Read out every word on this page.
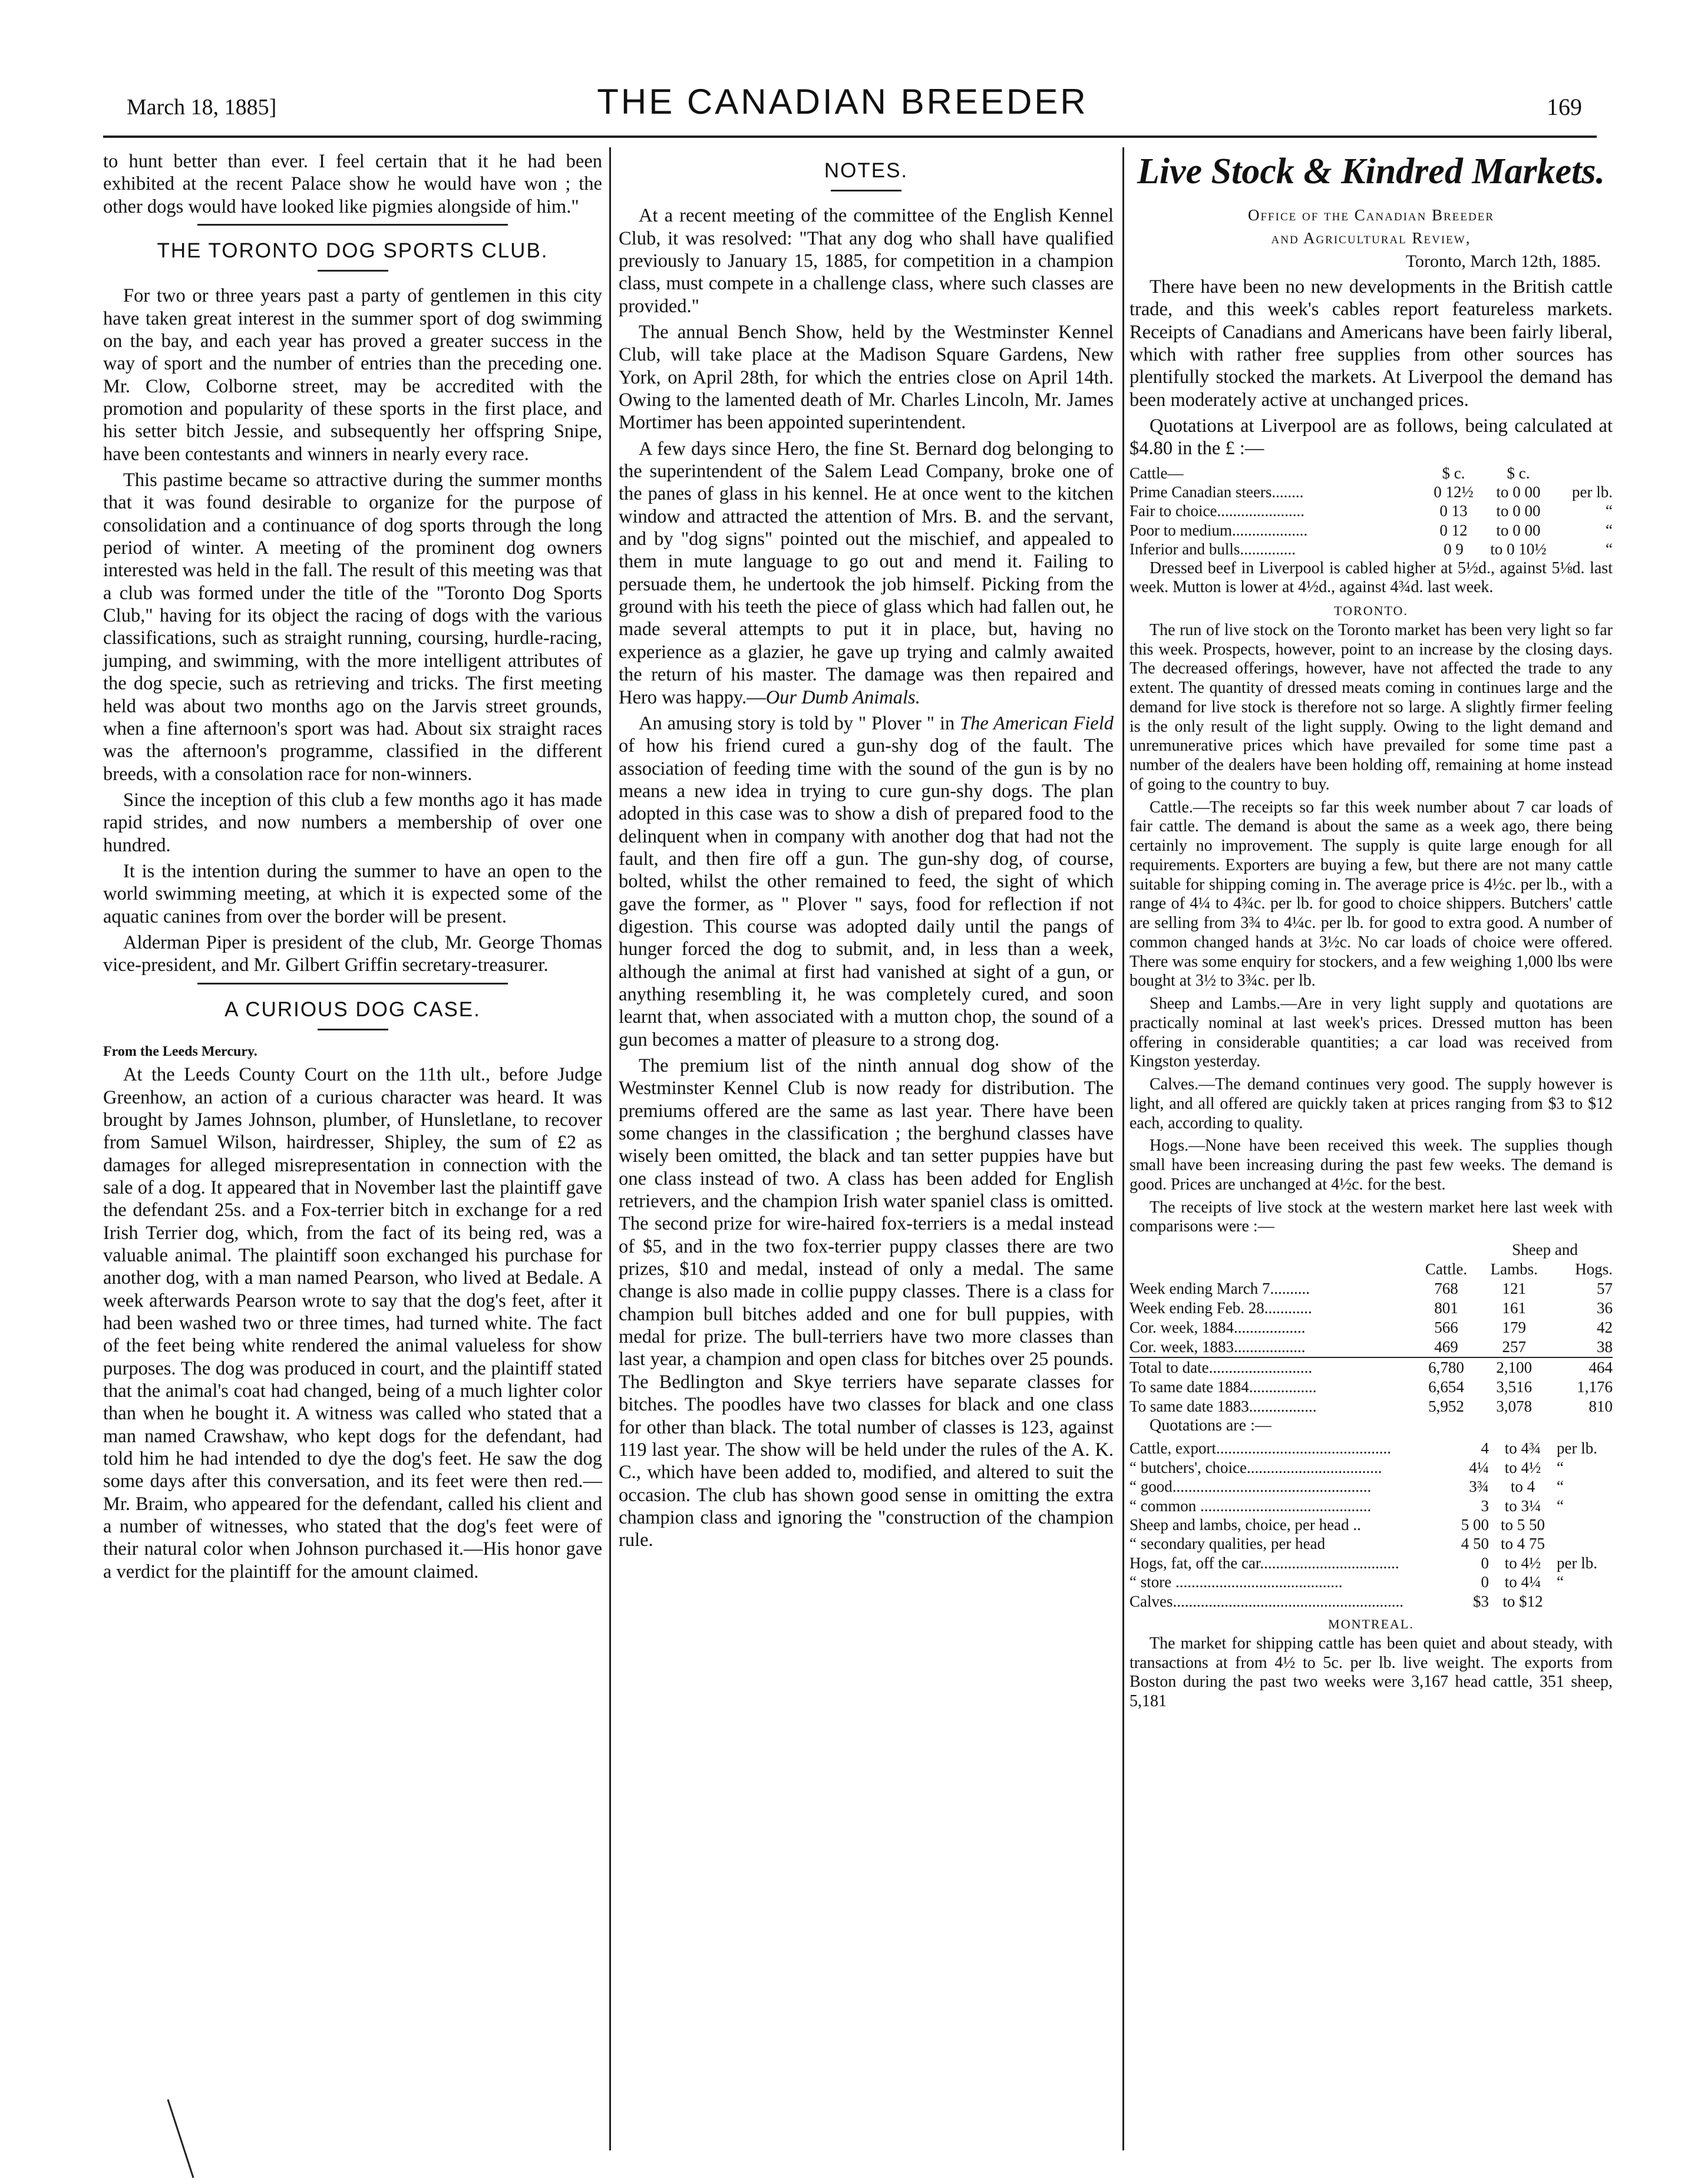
March 18, 1885]	THE CANADIAN BREEDER	169

to hunt better than ever. I feel certain that it he had been exhibited at the recent Palace show he would have won ; the other dogs would have looked like pigmies alongside of him."

THE TORONTO DOG SPORTS CLUB.

For two or three years past a party of gentlemen in this city have taken great interest in the summer sport of dog swimming on the bay, and each year has proved a greater success in the way of sport and the number of entries than the preceding one. Mr. Clow, Colborne street, may be accredited with the promotion and popularity of these sports in the first place, and his setter bitch Jessie, and subsequently her offspring Snipe, have been contestants and winners in nearly every race.

This pastime became so attractive during the summer months that it was found desirable to organize for the purpose of consolidation and a continuance of dog sports through the long period of winter. A meeting of the prominent dog owners interested was held in the fall. The result of this meeting was that a club was formed under the title of the "Toronto Dog Sports Club," having for its object the racing of dogs with the various classifications, such as straight running, coursing, hurdle-racing, jumping, and swimming, with the more intelligent attributes of the dog specie, such as retrieving and tricks. The first meeting held was about two months ago on the Jarvis street grounds, when a fine afternoon's sport was had. About six straight races was the afternoon's programme, classified in the different breeds, with a consolation race for non-winners.

Since the inception of this club a few months ago it has made rapid strides, and now numbers a membership of over one hundred.

It is the intention during the summer to have an open to the world swimming meeting, at which it is expected some of the aquatic canines from over the border will be present.

Alderman Piper is president of the club, Mr. George Thomas vice-president, and Mr. Gilbert Griffin secretary-treasurer.

A CURIOUS DOG CASE.
From the Leeds Mercury.

At the Leeds County Court on the 11th ult., before Judge Greenhow, an action of a curious character was heard. It was brought by James Johnson, plumber, of Hunsletlane, to recover from Samuel Wilson, hairdresser, Shipley, the sum of £2 as damages for alleged misrepresentation in connection with the sale of a dog. It appeared that in November last the plaintiff gave the defendant 25s. and a Fox-terrier bitch in exchange for a red Irish Terrier dog, which, from the fact of its being red, was a valuable animal. The plaintiff soon exchanged his purchase for another dog, with a man named Pearson, who lived at Bedale. A week afterwards Pearson wrote to say that the dog's feet, after it had been washed two or three times, had turned white. The fact of the feet being white rendered the animal valueless for show purposes. The dog was produced in court, and the plaintiff stated that the animal's coat had changed, being of a much lighter color than when he bought it. A witness was called who stated that a man named Crawshaw, who kept dogs for the defendant, had told him he had intended to dye the dog's feet. He saw the dog some days after this conversation, and its feet were then red.—Mr. Braim, who appeared for the defendant, called his client and a number of witnesses, who stated that the dog's feet were of their natural color when Johnson purchased it.—His honor gave a verdict for the plaintiff for the amount claimed.

NOTES.

At a recent meeting of the committee of the English Kennel Club, it was resolved: "That any dog who shall have qualified previously to January 15, 1885, for competition in a champion class, must compete in a challenge class, where such classes are provided."

The annual Bench Show, held by the Westminster Kennel Club, will take place at the Madison Square Gardens, New York, on April 28th, for which the entries close on April 14th. Owing to the lamented death of Mr. Charles Lincoln, Mr. James Mortimer has been appointed superintendent.

A few days since Hero, the fine St. Bernard dog belonging to the superintendent of the Salem Lead Company, broke one of the panes of glass in his kennel. He at once went to the kitchen window and attracted the attention of Mrs. B. and the servant, and by "dog signs" pointed out the mischief, and appealed to them in mute language to go out and mend it. Failing to persuade them, he undertook the job himself. Picking from the ground with his teeth the piece of glass which had fallen out, he made several attempts to put it in place, but, having no experience as a glazier, he gave up trying and calmly awaited the return of his master. The damage was then repaired and Hero was happy.—Our Dumb Animals.

An amusing story is told by " Plover " in The American Field of how his friend cured a gun-shy dog of the fault. The association of feeding time with the sound of the gun is by no means a new idea in trying to cure gun-shy dogs. The plan adopted in this case was to show a dish of prepared food to the delinquent when in company with another dog that had not the fault, and then fire off a gun. The gun-shy dog, of course, bolted, whilst the other remained to feed, the sight of which gave the former, as " Plover " says, food for reflection if not digestion. This course was adopted daily until the pangs of hunger forced the dog to submit, and, in less than a week, although the animal at first had vanished at sight of a gun, or anything resembling it, he was completely cured, and soon learnt that, when associated with a mutton chop, the sound of a gun becomes a matter of pleasure to a strong dog.

The premium list of the ninth annual dog show of the Westminster Kennel Club is now ready for distribution. The premiums offered are the same as last year. There have been some changes in the classification ; the berghund classes have wisely been omitted, the black and tan setter puppies have but one class instead of two. A class has been added for English retrievers, and the champion Irish water spaniel class is omitted. The second prize for wire-haired fox-terriers is a medal instead of $5, and in the two fox-terrier puppy classes there are two prizes, $10 and medal, instead of only a medal. The same change is also made in collie puppy classes. There is a class for champion bull bitches added and one for bull puppies, with medal for prize. The bull-terriers have two more classes than last year, a champion and open class for bitches over 25 pounds. The Bedlington and Skye terriers have separate classes for bitches. The poodles have two classes for black and one class for other than black. The total number of classes is 123, against 119 last year. The show will be held under the rules of the A. K. C., which have been added to, modified, and altered to suit the occasion. The club has shown good sense in omitting the extra champion class and ignoring the "construction of the champion rule.

Live Stock & Kindred Markets.
Office of the Canadian Breeder
and Agricultural Review,
Toronto, March 12th, 1885.

There have been no new developments in the British cattle trade, and this week's cables report featureless markets. Receipts of Canadians and Americans have been fairly liberal, which with rather free supplies from other sources has plentifully stocked the markets. At Liverpool the demand has been moderately active at unchanged prices.

Quotations at Liverpool are as follows, being calculated at $4.80 in the £ :—

Cattle—	$ c.	$ c.	
Prime Canadian steers........	0 12½	to 0 00	per lb.
Fair to choice......................	0 13	to 0 00	“
Poor to medium...................	0 12	to 0 00	“
Inferior and bulls..............	0 9	to 0 10½	“

Dressed beef in Liverpool is cabled higher at 5½d., against 5⅛d. last week. Mutton is lower at 4½d., against 4¾d. last week.

TORONTO.

The run of live stock on the Toronto market has been very light so far this week. Prospects, however, point to an increase by the closing days. The decreased offerings, however, have not affected the trade to any extent. The quantity of dressed meats coming in continues large and the demand for live stock is therefore not so large. A slightly firmer feeling is the only result of the light supply. Owing to the light demand and unremunerative prices which have prevailed for some time past a number of the dealers have been holding off, remaining at home instead of going to the country to buy.

Cattle.—The receipts so far this week number about 7 car loads of fair cattle. The demand is about the same as a week ago, there being certainly no improvement. The supply is quite large enough for all requirements. Exporters are buying a few, but there are not many cattle suitable for shipping coming in. The average price is 4½c. per lb., with a range of 4¼ to 4¾c. per lb. for good to choice shippers. Butchers' cattle are selling from 3¾ to 4¼c. per lb. for good to extra good. A number of common changed hands at 3½c. No car loads of choice were offered. There was some enquiry for stockers, and a few weighing 1,000 lbs were bought at 3½ to 3¾c. per lb.

Sheep and Lambs.—Are in very light supply and quotations are practically nominal at last week's prices. Dressed mutton has been offering in considerable quantities; a car load was received from Kingston yesterday.

Calves.—The demand continues very good. The supply however is light, and all offered are quickly taken at prices ranging from $3 to $12 each, according to quality.

Hogs.—None have been received this week. The supplies though small have been increasing during the past few weeks. The demand is good. Prices are unchanged at 4½c. for the best.

The receipts of live stock at the western market here last week with comparisons were :—

		Sheep and	
	Cattle.	Lambs.	Hogs.
Week ending March 7..........	768	121	57
Week ending Feb. 28............	801	161	36
Cor. week, 1884..................	566	179	42
Cor. week, 1883..................	469	257	38
Total to date..........................	6,780	2,100	464
To same date 1884.................	6,654	3,516	1,176
To same date 1883.................	5,952	3,078	810

Quotations are :—

Cattle, export............................................	4	to 4¾	per lb.
“ butchers', choice..................................	4¼	to 4½	“
“ good..................................................	3¾	to 4	“
“ common ...........................................	3	to 3¼	“
Sheep and lambs, choice, per head ..	5 00	to 5 50	
“ secondary qualities, per head	4 50	to 4 75	
Hogs, fat, off the car...................................	0	to 4½	per lb.
“ store ..........................................	0	to 4¼	“
Calves..........................................................	$3	to $12	
MONTREAL.

The market for shipping cattle has been quiet and about steady, with transactions at from 4½ to 5c. per lb. live weight. The exports from Boston during the past two weeks were 3,167 head cattle, 351 sheep, 5,181
